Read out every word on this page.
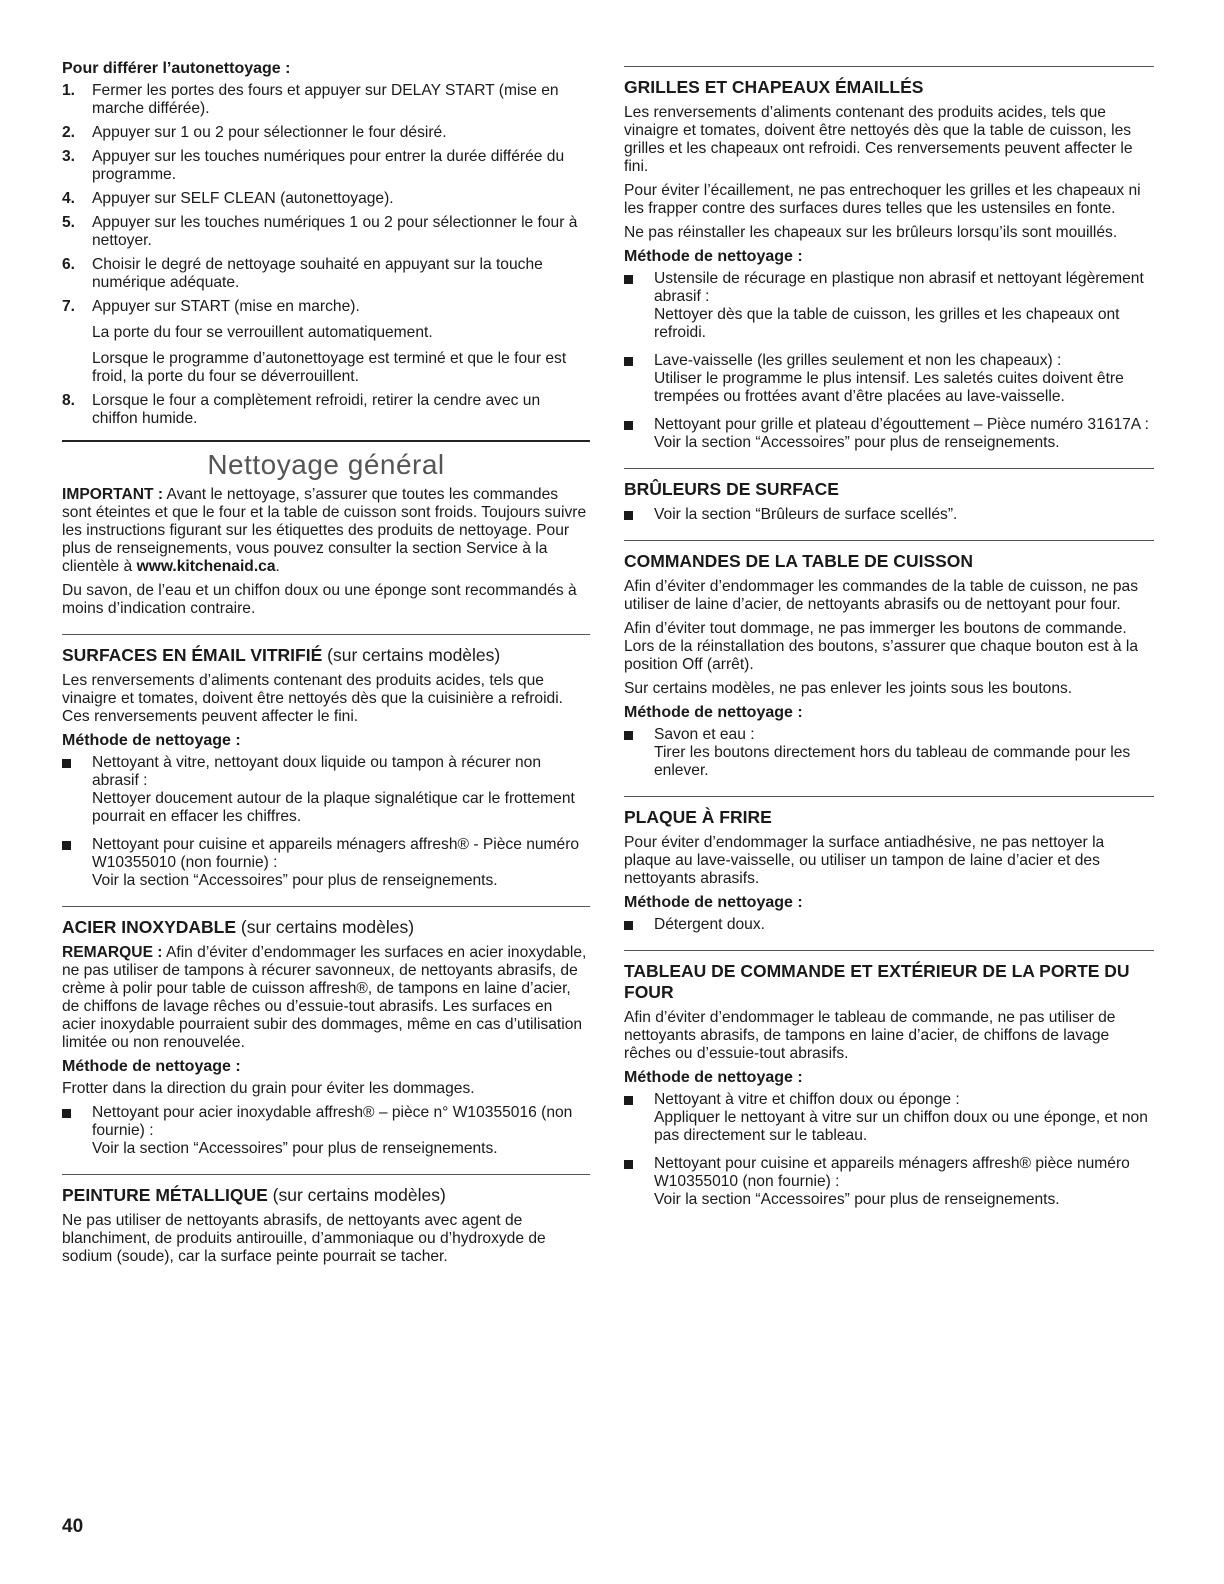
Pour différer l’autonettoyage :
1. Fermer les portes des fours et appuyer sur DELAY START (mise en marche différée).
2. Appuyer sur 1 ou 2 pour sélectionner le four désiré.
3. Appuyer sur les touches numériques pour entrer la durée différée du programme.
4. Appuyer sur SELF CLEAN (autonettoyage).
5. Appuyer sur les touches numériques 1 ou 2 pour sélectionner le four à nettoyer.
6. Choisir le degré de nettoyage souhaité en appuyant sur la touche numérique adéquate.
7. Appuyer sur START (mise en marche).
La porte du four se verrouillent automatiquement.
Lorsque le programme d’autonettoyage est terminé et que le four est froid, la porte du four se déverrouillent.
8. Lorsque le four a complètement refroidi, retirer la cendre avec un chiffon humide.
Nettoyage général

IMPORTANT : Avant le nettoyage, s’assurer que toutes les commandes sont éteintes et que le four et la table de cuisson sont froids. Toujours suivre les instructions figurant sur les étiquettes des produits de nettoyage. Pour plus de renseignements, vous pouvez consulter la section Service à la clientèle à www.kitchenaid.ca.

Du savon, de l’eau et un chiffon doux ou une éponge sont recommandés à moins d’indication contraire.

SURFACES EN ÉMAIL VITRIFIÉ (sur certains modèles)

Les renversements d’aliments contenant des produits acides, tels que vinaigre et tomates, doivent être nettoyés dès que la cuisinière a refroidi. Ces renversements peuvent affecter le fini.

Méthode de nettoyage :
Nettoyant à vitre, nettoyant doux liquide ou tampon à récurer non abrasif :
Nettoyer doucement autour de la plaque signalétique car le frottement pourrait en effacer les chiffres.
Nettoyant pour cuisine et appareils ménagers affresh® - Pièce numéro W10355010 (non fournie) :
Voir la section “Accessoires” pour plus de renseignements.
ACIER INOXYDABLE (sur certains modèles)

REMARQUE : Afin d’éviter d’endommager les surfaces en acier inoxydable, ne pas utiliser de tampons à récurer savonneux, de nettoyants abrasifs, de crème à polir pour table de cuisson affresh®, de tampons en laine d’acier, de chiffons de lavage rêches ou d’essuie-tout abrasifs. Les surfaces en acier inoxydable pourraient subir des dommages, même en cas d’utilisation limitée ou non renouvelée.

Méthode de nettoyage :

Frotter dans la direction du grain pour éviter les dommages.

Nettoyant pour acier inoxydable affresh® – pièce n° W10355016 (non fournie) :
Voir la section “Accessoires” pour plus de renseignements.
PEINTURE MÉTALLIQUE (sur certains modèles)

Ne pas utiliser de nettoyants abrasifs, de nettoyants avec agent de blanchiment, de produits antirouille, d’ammoniaque ou d’hydroxyde de sodium (soude), car la surface peinte pourrait se tacher.

GRILLES ET CHAPEAUX ÉMAILLÉS

Les renversements d’aliments contenant des produits acides, tels que vinaigre et tomates, doivent être nettoyés dès que la table de cuisson, les grilles et les chapeaux ont refroidi. Ces renversements peuvent affecter le fini.

Pour éviter l’écaillement, ne pas entrechoquer les grilles et les chapeaux ni les frapper contre des surfaces dures telles que les ustensiles en fonte.

Ne pas réinstaller les chapeaux sur les brûleurs lorsqu’ils sont mouillés.

Méthode de nettoyage :
Ustensile de récurage en plastique non abrasif et nettoyant légèrement abrasif :
Nettoyer dès que la table de cuisson, les grilles et les chapeaux ont refroidi.
Lave-vaisselle (les grilles seulement et non les chapeaux) :
Utiliser le programme le plus intensif. Les saletés cuites doivent être trempées ou frottées avant d’être placées au lave-vaisselle.
Nettoyant pour grille et plateau d’égouttement – Pièce numéro 31617A :
Voir la section “Accessoires” pour plus de renseignements.
BRÛLEURS DE SURFACE
Voir la section “Brûleurs de surface scellés”.
COMMANDES DE LA TABLE DE CUISSON

Afin d’éviter d’endommager les commandes de la table de cuisson, ne pas utiliser de laine d’acier, de nettoyants abrasifs ou de nettoyant pour four.

Afin d’éviter tout dommage, ne pas immerger les boutons de commande. Lors de la réinstallation des boutons, s’assurer que chaque bouton est à la position Off (arrêt).

Sur certains modèles, ne pas enlever les joints sous les boutons.

Méthode de nettoyage :
Savon et eau :
Tirer les boutons directement hors du tableau de commande pour les enlever.
PLAQUE À FRIRE

Pour éviter d’endommager la surface antiadhésive, ne pas nettoyer la plaque au lave-vaisselle, ou utiliser un tampon de laine d’acier et des nettoyants abrasifs.

Méthode de nettoyage :
Détergent doux.
TABLEAU DE COMMANDE ET EXTÉRIEUR DE LA PORTE DU FOUR

Afin d’éviter d’endommager le tableau de commande, ne pas utiliser de nettoyants abrasifs, de tampons en laine d’acier, de chiffons de lavage rêches ou d’essuie-tout abrasifs.

Méthode de nettoyage :
Nettoyant à vitre et chiffon doux ou éponge :
Appliquer le nettoyant à vitre sur un chiffon doux ou une éponge, et non pas directement sur le tableau.
Nettoyant pour cuisine et appareils ménagers affresh® pièce numéro W10355010 (non fournie) :
Voir la section “Accessoires” pour plus de renseignements.
40
